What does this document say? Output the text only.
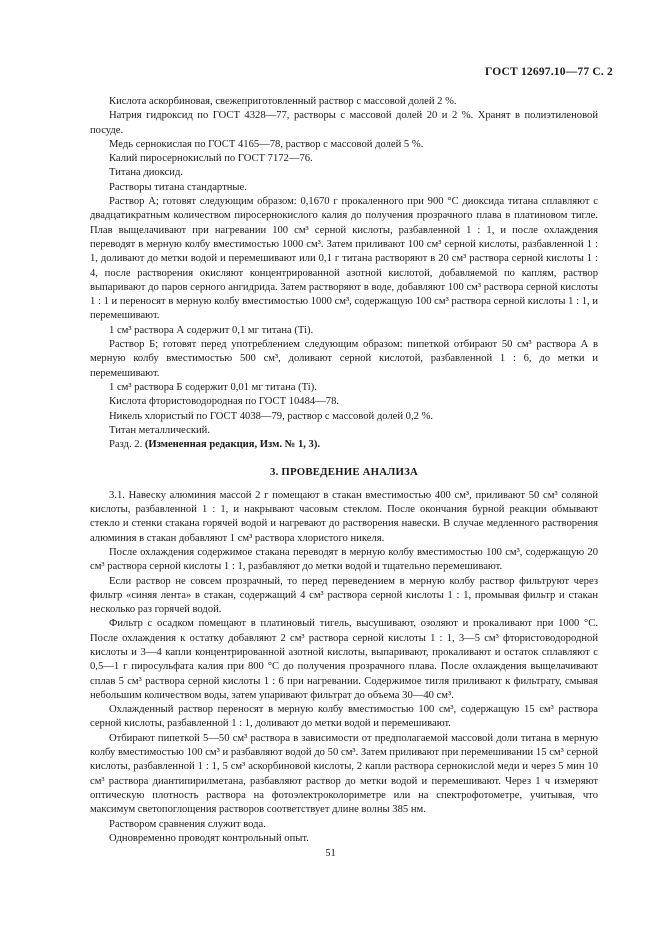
ГОСТ 12697.10—77 С. 2

Кислота аскорбиновая, свежеприготовленный раствор с массовой долей 2 %.

Натрия гидроксид по ГОСТ 4328—77, растворы с массовой долей 20 и 2 %. Хранят в полиэтиленовой посуде.

Медь сернокислая по ГОСТ 4165—78, раствор с массовой долей 5 %.

Калий пиросернокислый по ГОСТ 7172—76.

Титана диоксид.

Растворы титана стандартные.

Раствор А; готовят следующим образом: 0,1670 г прокаленного при 900 °С диоксида титана сплавляют с двадцатикратным количеством пиросернокислого калия до получения прозрачного плава в платиновом тигле. Плав выщелачивают при нагревании 100 см³ серной кислоты, разбавленной 1 : 1, и после охлаждения переводят в мерную колбу вместимостью 1000 см³. Затем приливают 100 см³ серной кислоты, разбавленной 1 : 1, доливают до метки водой и перемешивают или 0,1 г титана растворяют в 20 см³ раствора серной кислоты 1 : 4, после растворения окисляют концентрированной азотной кислотой, добавляемой по каплям, раствор выпаривают до паров серного ангидрида. Затем растворяют в воде, добавляют 100 см³ раствора серной кислоты 1 : 1 и переносят в мерную колбу вместимостью 1000 см³, содержащую 100 см³ раствора серной кислоты 1 : 1, и перемешивают.

1 см³ раствора А содержит 0,1 мг титана (Ti).

Раствор Б; готовят перед употреблением следующим образом: пипеткой отбирают 50 см³ раствора А в мерную колбу вместимостью 500 см³, доливают серной кислотой, разбавленной 1 : 6, до метки и перемешивают.

1 см³ раствора Б содержит 0,01 мг титана (Ti).

Кислота фтористоводородная по ГОСТ 10484—78.

Никель хлористый по ГОСТ 4038—79, раствор с массовой долей 0,2 %.

Титан металлический.

Разд. 2. (Измененная редакция, Изм. № 1, 3).

3. ПРОВЕДЕНИЕ АНАЛИЗА

3.1. Навеску алюминия массой 2 г помещают в стакан вместимостью 400 см³, приливают 50 см³ соляной кислоты, разбавленной 1 : 1, и накрывают часовым стеклом. После окончания бурной реакции обмывают стекло и стенки стакана горячей водой и нагревают до растворения навески. В случае медленного растворения алюминия в стакан добавляют 1 см³ раствора хлористого никеля.

После охлаждения содержимое стакана переводят в мерную колбу вместимостью 100 см³, содержащую 20 см³ раствора серной кислоты 1 : 1, разбавляют до метки водой и тщательно перемешивают.

Если раствор не совсем прозрачный, то перед переведением в мерную колбу раствор фильтруют через фильтр «синяя лента» в стакан, содержащий 4 см³ раствора серной кислоты 1 : 1, промывая фильтр и стакан несколько раз горячей водой.

Фильтр с осадком помещают в платиновый тигель, высушивают, озоляют и прокаливают при 1000 °С. После охлаждения к остатку добавляют 2 см³ раствора серной кислоты 1 : 1, 3—5 см³ фтористоводородной кислоты и 3—4 капли концентрированной азотной кислоты, выпаривают, прокаливают и остаток сплавляют с 0,5—1 г пиросульфата калия при 800 °С до получения прозрачного плава. После охлаждения выщелачивают сплав 5 см³ раствора серной кислоты 1 : 6 при нагревании. Содержимое тигля приливают к фильтрату, смывая небольшим количеством воды, затем упаривают фильтрат до объема 30—40 см³.

Охлажденный раствор переносят в мерную колбу вместимостью 100 см³, содержащую 15 см³ раствора серной кислоты, разбавленной 1 : 1, доливают до метки водой и перемешивают.

Отбирают пипеткой 5—50 см³ раствора в зависимости от предполагаемой массовой доли титана в мерную колбу вместимостью 100 см³ и разбавляют водой до 50 см³. Затем приливают при перемешивании 15 см³ серной кислоты, разбавленной 1 : 1, 5 см³ аскорбиновой кислоты, 2 капли раствора сернокислой меди и через 5 мин 10 см³ раствора диантипирилметана, разбавляют раствор до метки водой и перемешивают. Через 1 ч измеряют оптическую плотность раствора на фотоэлектроколориметре или на спектрофотометре, учитывая, что максимум светопоглощения растворов соответствует длине волны 385 нм.

Раствором сравнения служит вода.

Одновременно проводят контрольный опыт.

51
